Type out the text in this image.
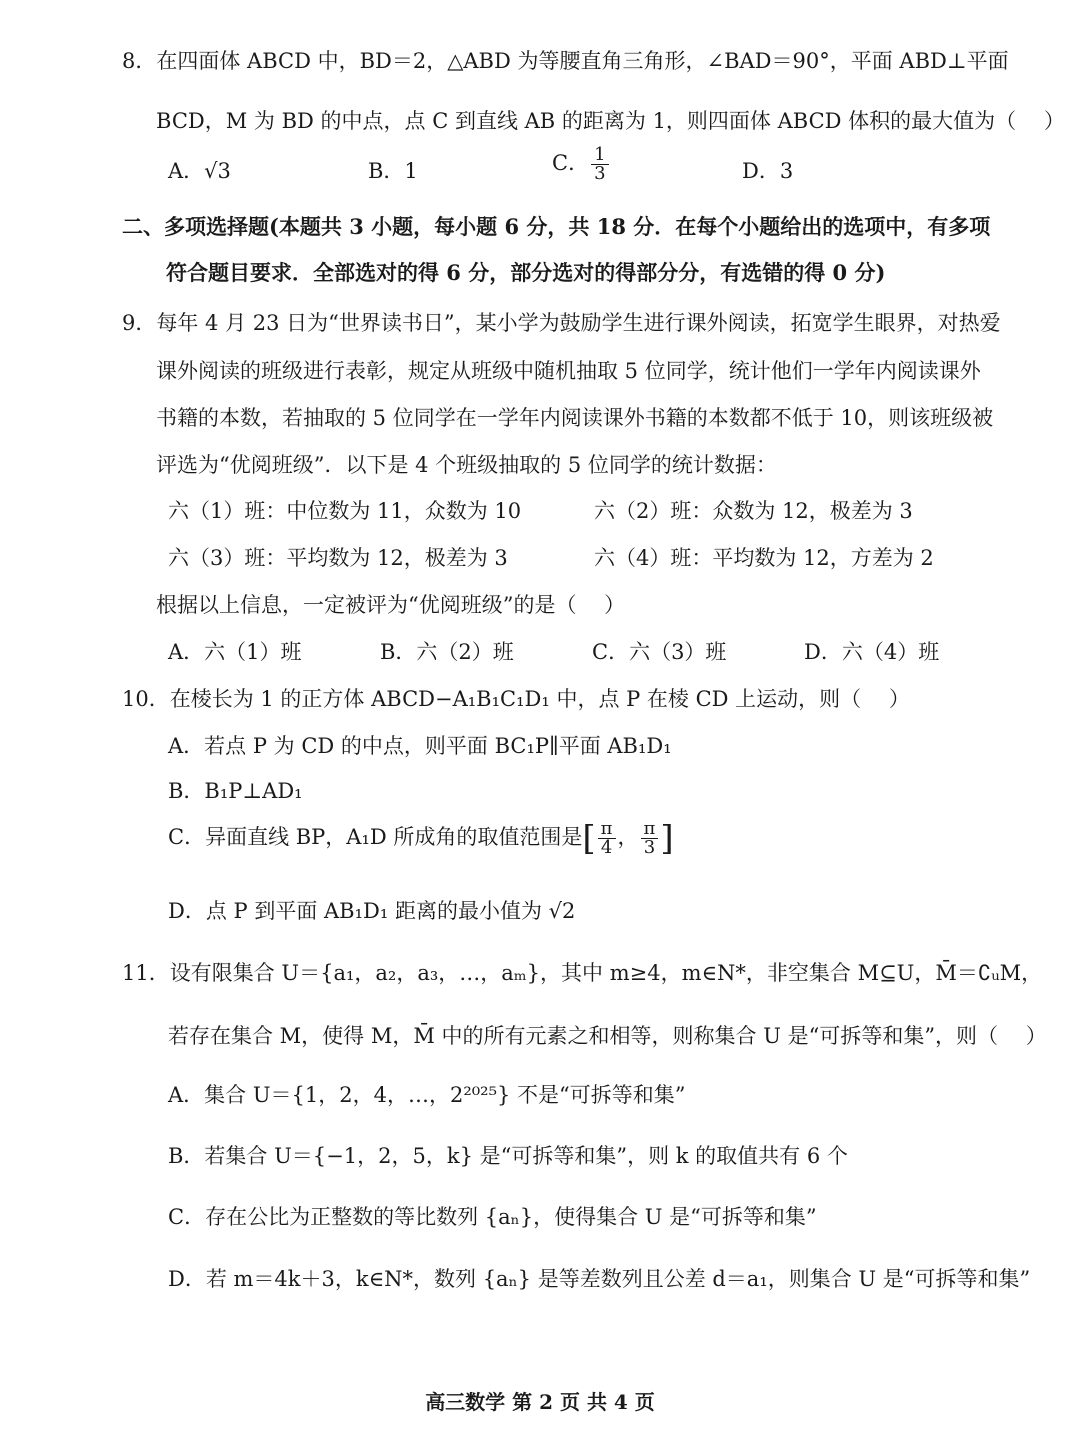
8．在四面体 ABCD 中，BD＝2，△ABD 为等腰直角三角形，∠BAD＝90°，平面 ABD⊥平面
BCD，M 为 BD 的中点，点 C 到直线 AB 的距离为 1，则四面体 ABCD 体积的最大值为（　 ）
A．√3	B．1	C． $\frac{1}{3}$	D．3
二、多项选择题(本题共 3 小题，每小题 6 分，共 18 分．在每个小题给出的选项中，有多项
符合题目要求．全部选对的得 6 分，部分选对的得部分分，有选错的得 0 分)
9．每年 4 月 23 日为“世界读书日”，某小学为鼓励学生进行课外阅读，拓宽学生眼界，对热爱
课外阅读的班级进行表彰，规定从班级中随机抽取 5 位同学，统计他们一学年内阅读课外
书籍的本数，若抽取的 5 位同学在一学年内阅读课外书籍的本数都不低于 10，则该班级被
评选为“优阅班级”．以下是 4 个班级抽取的 5 位同学的统计数据：
六（1）班：中位数为 11，众数为 10	六（2）班：众数为 12，极差为 3
六（3）班：平均数为 12，极差为 3	六（4）班：平均数为 12，方差为 2
根据以上信息，一定被评为“优阅班级”的是（　 ）
A．六（1）班	B．六（2）班	C．六（3）班	D．六（4）班
10．在棱长为 1 的正方体 ABCD−A₁B₁C₁D₁ 中，点 P 在棱 CD 上运动，则（　 ）
A．若点 P 为 CD 的中点，则平面 BC₁P∥平面 AB₁D₁
B．B₁P⊥AD₁
C．异面直线 BP，A₁D 所成角的取值范围是[ $\frac{\pi}{4}$ ， $\frac{\pi}{3}$ ]
D．点 P 到平面 AB₁D₁ 距离的最小值为 √2
11．设有限集合 U＝{a₁，a₂，a₃，…，aₘ}，其中 m≥4，m∈N*，非空集合 M⊆U，M̄＝∁ᵤM，
若存在集合 M，使得 M，M̄ 中的所有元素之和相等，则称集合 U 是“可拆等和集”，则（　 ）
A．集合 U＝{1，2，4，…，2²⁰²⁵} 不是“可拆等和集”
B．若集合 U＝{−1，2，5，k} 是“可拆等和集”，则 k 的取值共有 6 个
C．存在公比为正整数的等比数列 {aₙ}，使得集合 U 是“可拆等和集”
D．若 m＝4k＋3，k∈N*，数列 {aₙ} 是等差数列且公差 d＝a₁，则集合 U 是“可拆等和集”
高三数学 第 2 页 共 4 页
